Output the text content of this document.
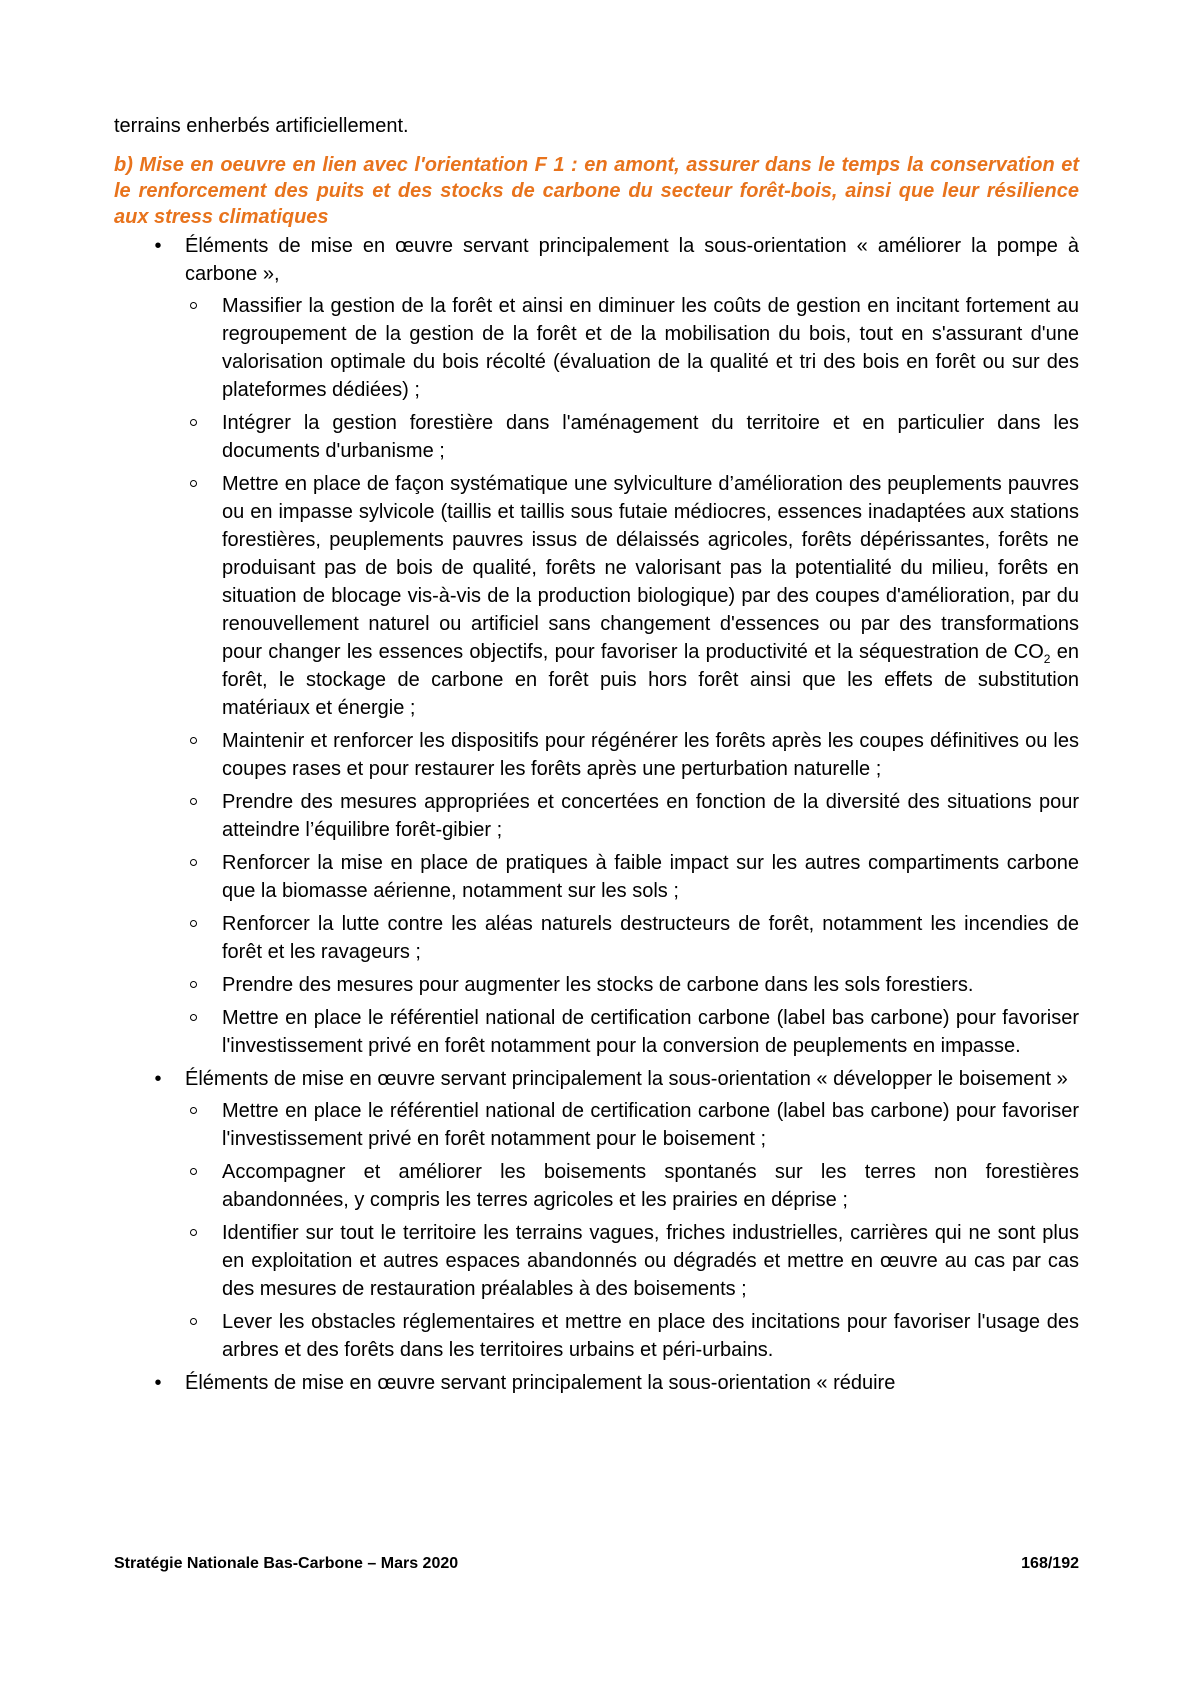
terrains enherbés artificiellement.

b) Mise en oeuvre en lien avec l'orientation F 1 : en amont, assurer dans le temps la conservation et le renforcement des puits et des stocks de carbone du secteur forêt-bois, ainsi que leur résilience aux stress climatiques

• Éléments de mise en œuvre servant principalement la sous-orientation « améliorer la pompe à carbone »,
Massifier la gestion de la forêt et ainsi en diminuer les coûts de gestion en incitant fortement au regroupement de la gestion de la forêt et de la mobilisation du bois, tout en s'assurant d'une valorisation optimale du bois récolté (évaluation de la qualité et tri des bois en forêt ou sur des plateformes dédiées) ;
Intégrer la gestion forestière dans l'aménagement du territoire et en particulier dans les documents d'urbanisme ;
Mettre en place de façon systématique une sylviculture d’amélioration des peuplements pauvres ou en impasse sylvicole (taillis et taillis sous futaie médiocres, essences inadaptées aux stations forestières, peuplements pauvres issus de délaissés agricoles, forêts dépérissantes, forêts ne produisant pas de bois de qualité, forêts ne valorisant pas la potentialité du milieu, forêts en situation de blocage vis-à-vis de la production biologique) par des coupes d'amélioration, par du renouvellement naturel ou artificiel sans changement d'essences ou par des transformations pour changer les essences objectifs, pour favoriser la productivité et la séquestration de $CO_2$ en forêt, le stockage de carbone en forêt puis hors forêt ainsi que les effets de substitution matériaux et énergie ;
Maintenir et renforcer les dispositifs pour régénérer les forêts après les coupes définitives ou les coupes rases et pour restaurer les forêts après une perturbation naturelle ;
Prendre des mesures appropriées et concertées en fonction de la diversité des situations pour atteindre l’équilibre forêt-gibier ;
Renforcer la mise en place de pratiques à faible impact sur les autres compartiments carbone que la biomasse aérienne, notamment sur les sols ;
Renforcer la lutte contre les aléas naturels destructeurs de forêt, notamment les incendies de forêt et les ravageurs ;
Prendre des mesures pour augmenter les stocks de carbone dans les sols forestiers.
Mettre en place le référentiel national de certification carbone (label bas carbone) pour favoriser l'investissement privé en forêt notamment pour la conversion de peuplements en impasse.
• Éléments de mise en œuvre servant principalement la sous-orientation « développer le boisement »
Mettre en place le référentiel national de certification carbone (label bas carbone) pour favoriser l'investissement privé en forêt notamment pour le boisement ;
Accompagner et améliorer les boisements spontanés sur les terres non forestières abandonnées, y compris les terres agricoles et les prairies en déprise ;
Identifier sur tout le territoire les terrains vagues, friches industrielles, carrières qui ne sont plus en exploitation et autres espaces abandonnés ou dégradés et mettre en œuvre au cas par cas des mesures de restauration préalables à des boisements ;
Lever les obstacles réglementaires et mettre en place des incitations pour favoriser l'usage des arbres et des forêts dans les territoires urbains et péri-urbains.
• Éléments de mise en œuvre servant principalement la sous-orientation « réduire
Stratégie Nationale Bas-Carbone – Mars 2020	168/192
